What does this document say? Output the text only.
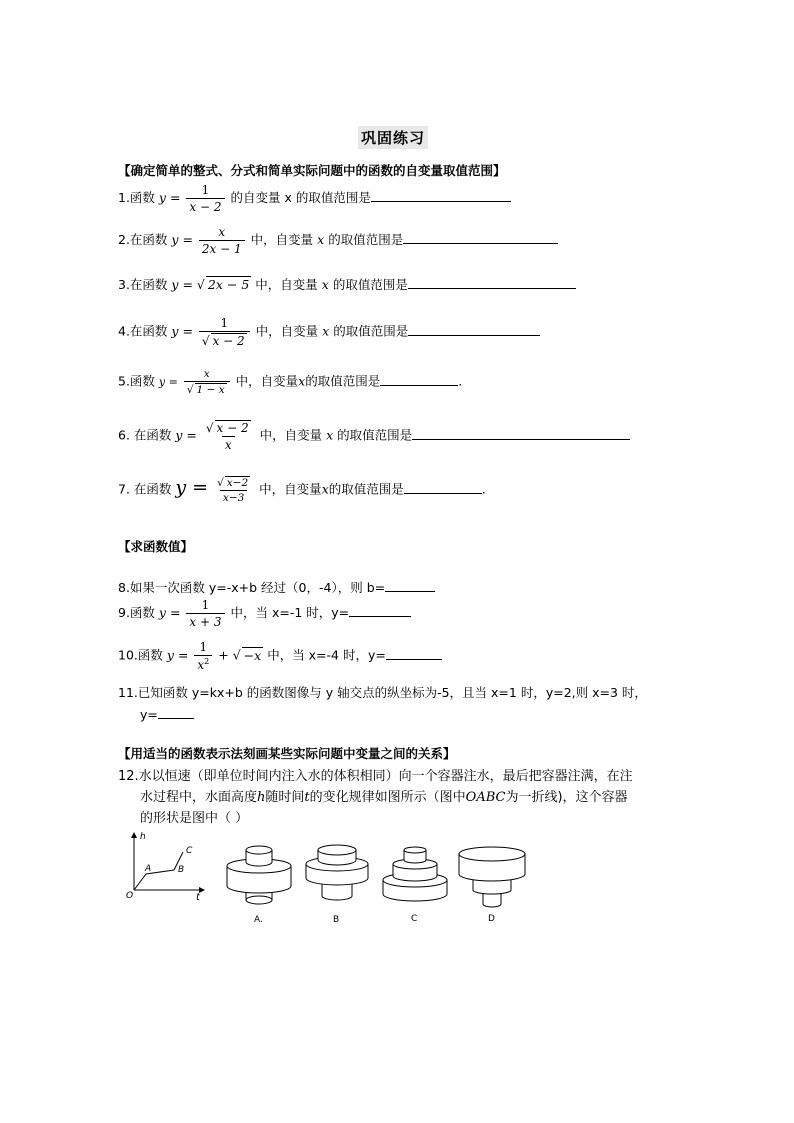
巩固练习
【确定简单的整式、分式和简单实际问题中的函数的自变量取值范围】
1.函数 $y = \frac{1}{x - 2}$ 的自变量 x 的取值范围是
2.在函数 $y = \frac{x}{2x - 1}$ 中，自变量 x 的取值范围是
3.在函数 y = √ 2x − 5 中，自变量 x 的取值范围是
4.在函数 $y = \frac{1}{√ x - 2}$ 中，自变量 x 的取值范围是
5.函数 $y = \frac{x}{√ 1 - x}$ 中，自变量x的取值范围是	.
6. 在函数 $y = \frac{√ x - 2}{x}$ 中，自变量 x 的取值范围是
7. 在函数 $y = \frac{√ x-2}{x-3}$ 中，自变量x的取值范围是	.
【求函数值】
8.如果一次函数 y=-x+b 经过（0，-4），则 b=
9.函数 $y = \frac{1}{x + 3}$ 中，当 x=-1 时，y=
10.函数 $y = \frac{1}{x^2}$ + √ −x 中，当 x=-4 时，y=
11.已知函数 y=kx+b 的函数图像与 y 轴交点的纵坐标为-5，且当 x=1 时，y=2,则 x=3 时，
y=
【用适当的函数表示法刻画某些实际问题中变量之间的关系】
12.水以恒速（即单位时间内注入水的体积相同）向一个容器注水，最后把容器注满，在注
水过程中，水面高度h随时间t的变化规律如图所示（图中OABC为一折线)，这个容器
的形状是图中（ ）
h
t
O
A	B
C
A.	B	C	D
